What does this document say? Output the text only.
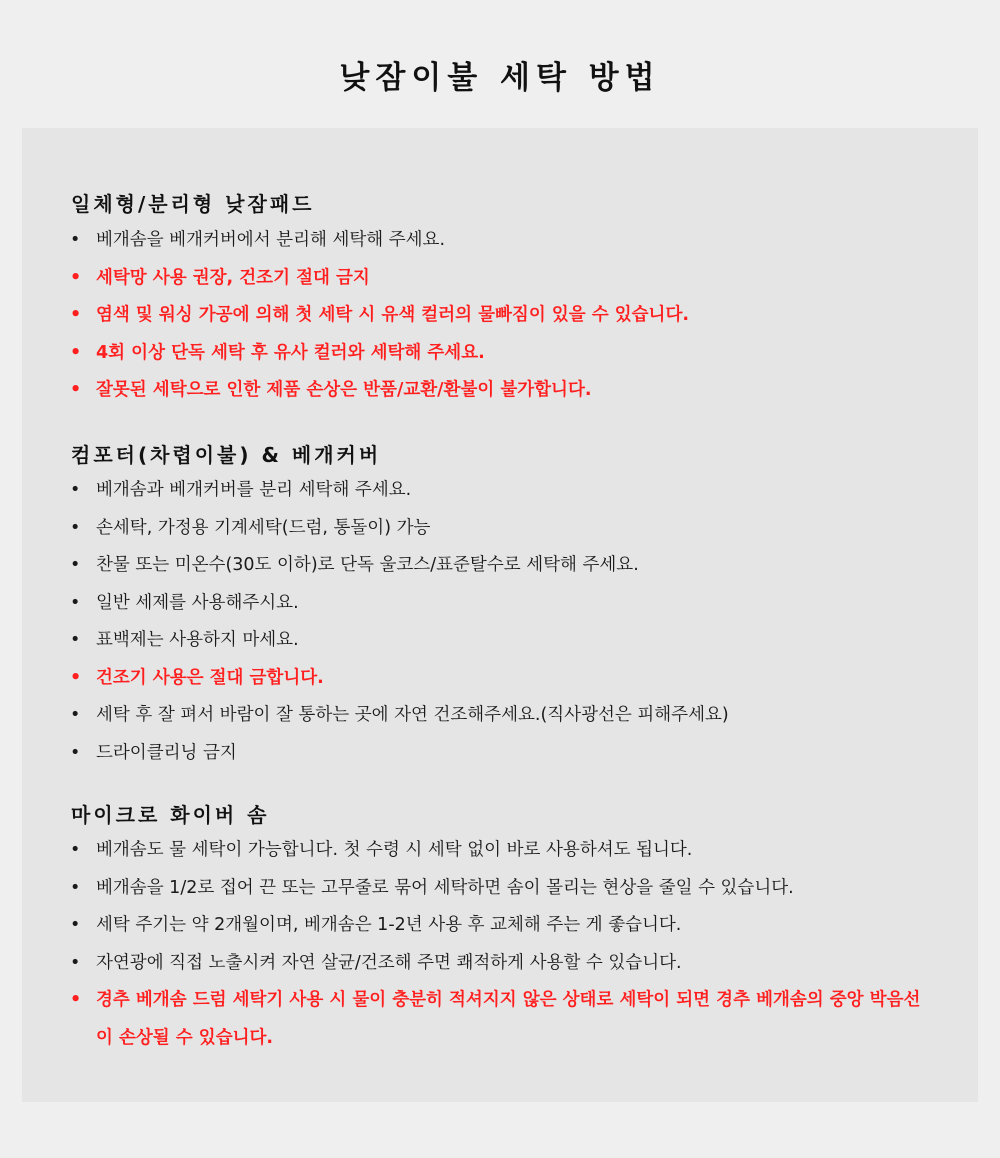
낮잠이불 세탁 방법
일체형/분리형 낮잠패드
• 베개솜을 베개커버에서 분리해 세탁해 주세요.
• 세탁망 사용 권장, 건조기 절대 금지
• 염색 및 워싱 가공에 의해 첫 세탁 시 유색 컬러의 물빠짐이 있을 수 있습니다.
• 4회 이상 단독 세탁 후 유사 컬러와 세탁해 주세요.
• 잘못된 세탁으로 인한 제품 손상은 반품/교환/환불이 불가합니다.
컴포터(차렵이불) & 베개커버
• 베개솜과 베개커버를 분리 세탁해 주세요.
• 손세탁, 가정용 기계세탁(드럼, 통돌이) 가능
• 찬물 또는 미온수(30도 이하)로 단독 울코스/표준탈수로 세탁해 주세요.
• 일반 세제를 사용해주시요.
• 표백제는 사용하지 마세요.
• 건조기 사용은 절대 금합니다.
• 세탁 후 잘 펴서 바람이 잘 통하는 곳에 자연 건조해주세요.(직사광선은 피해주세요)
• 드라이클리닝 금지
마이크로 화이버 솜
• 베개솜도 물 세탁이 가능합니다. 첫 수령 시 세탁 없이 바로 사용하셔도 됩니다.
• 베개솜을 1/2로 접어 끈 또는 고무줄로 묶어 세탁하면 솜이 몰리는 현상을 줄일 수 있습니다.
• 세탁 주기는 약 2개월이며, 베개솜은 1-2년 사용 후 교체해 주는 게 좋습니다.
• 자연광에 직접 노출시켜 자연 살균/건조해 주면 쾌적하게 사용할 수 있습니다.
• 경추 베개솜 드럼 세탁기 사용 시 물이 충분히 적셔지지 않은 상태로 세탁이 되면 경추 베개솜의 중앙 박음선이 손상될 수 있습니다.
